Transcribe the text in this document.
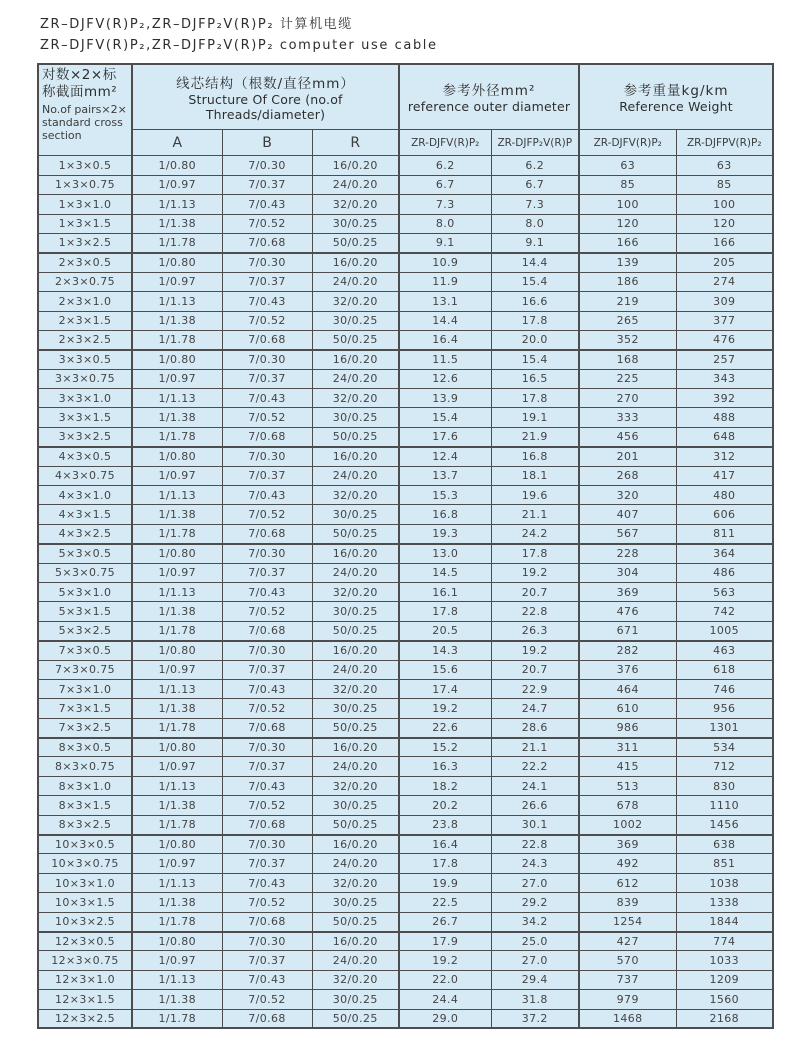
ZR–DJFV(R)P₂,ZR–DJFP₂V(R)P₂ 计算机电缆
ZR–DJFV(R)P₂,ZR–DJFP₂V(R)P₂ computer use cable
对数×2×标称截面mm²
No.of pairs×2× standard cross section	线芯结构（根数/直径mm）
Structure Of Core (no.of Threads/diameter)			参考外径mm²
reference outer diameter		参考重量kg/km
Reference Weight	

	A	B	R	ZR-DJFV(R)P₂	ZR-DJFP₂V(R)P	ZR-DJFV(R)P₂	ZR-DJFPV(R)P₂
1×3×0.5	1/0.80	7/0.30	16/0.20	6.2	6.2	63	63
1×3×0.75	1/0.97	7/0.37	24/0.20	6.7	6.7	85	85
1×3×1.0	1/1.13	7/0.43	32/0.20	7.3	7.3	100	100
1×3×1.5	1/1.38	7/0.52	30/0.25	8.0	8.0	120	120
1×3×2.5	1/1.78	7/0.68	50/0.25	9.1	9.1	166	166
2×3×0.5	1/0.80	7/0.30	16/0.20	10.9	14.4	139	205
2×3×0.75	1/0.97	7/0.37	24/0.20	11.9	15.4	186	274
2×3×1.0	1/1.13	7/0.43	32/0.20	13.1	16.6	219	309
2×3×1.5	1/1.38	7/0.52	30/0.25	14.4	17.8	265	377
2×3×2.5	1/1.78	7/0.68	50/0.25	16.4	20.0	352	476
3×3×0.5	1/0.80	7/0.30	16/0.20	11.5	15.4	168	257
3×3×0.75	1/0.97	7/0.37	24/0.20	12.6	16.5	225	343
3×3×1.0	1/1.13	7/0.43	32/0.20	13.9	17.8	270	392
3×3×1.5	1/1.38	7/0.52	30/0.25	15.4	19.1	333	488
3×3×2.5	1/1.78	7/0.68	50/0.25	17.6	21.9	456	648
4×3×0.5	1/0.80	7/0.30	16/0.20	12.4	16.8	201	312
4×3×0.75	1/0.97	7/0.37	24/0.20	13.7	18.1	268	417
4×3×1.0	1/1.13	7/0.43	32/0.20	15.3	19.6	320	480
4×3×1.5	1/1.38	7/0.52	30/0.25	16.8	21.1	407	606
4×3×2.5	1/1.78	7/0.68	50/0.25	19.3	24.2	567	811
5×3×0.5	1/0.80	7/0.30	16/0.20	13.0	17.8	228	364
5×3×0.75	1/0.97	7/0.37	24/0.20	14.5	19.2	304	486
5×3×1.0	1/1.13	7/0.43	32/0.20	16.1	20.7	369	563
5×3×1.5	1/1.38	7/0.52	30/0.25	17.8	22.8	476	742
5×3×2.5	1/1.78	7/0.68	50/0.25	20.5	26.3	671	1005
7×3×0.5	1/0.80	7/0.30	16/0.20	14.3	19.2	282	463
7×3×0.75	1/0.97	7/0.37	24/0.20	15.6	20.7	376	618
7×3×1.0	1/1.13	7/0.43	32/0.20	17.4	22.9	464	746
7×3×1.5	1/1.38	7/0.52	30/0.25	19.2	24.7	610	956
7×3×2.5	1/1.78	7/0.68	50/0.25	22.6	28.6	986	1301
8×3×0.5	1/0.80	7/0.30	16/0.20	15.2	21.1	311	534
8×3×0.75	1/0.97	7/0.37	24/0.20	16.3	22.2	415	712
8×3×1.0	1/1.13	7/0.43	32/0.20	18.2	24.1	513	830
8×3×1.5	1/1.38	7/0.52	30/0.25	20.2	26.6	678	1110
8×3×2.5	1/1.78	7/0.68	50/0.25	23.8	30.1	1002	1456
10×3×0.5	1/0.80	7/0.30	16/0.20	16.4	22.8	369	638
10×3×0.75	1/0.97	7/0.37	24/0.20	17.8	24.3	492	851
10×3×1.0	1/1.13	7/0.43	32/0.20	19.9	27.0	612	1038
10×3×1.5	1/1.38	7/0.52	30/0.25	22.5	29.2	839	1338
10×3×2.5	1/1.78	7/0.68	50/0.25	26.7	34.2	1254	1844
12×3×0.5	1/0.80	7/0.30	16/0.20	17.9	25.0	427	774
12×3×0.75	1/0.97	7/0.37	24/0.20	19.2	27.0	570	1033
12×3×1.0	1/1.13	7/0.43	32/0.20	22.0	29.4	737	1209
12×3×1.5	1/1.38	7/0.52	30/0.25	24.4	31.8	979	1560
12×3×2.5	1/1.78	7/0.68	50/0.25	29.0	37.2	1468	2168
